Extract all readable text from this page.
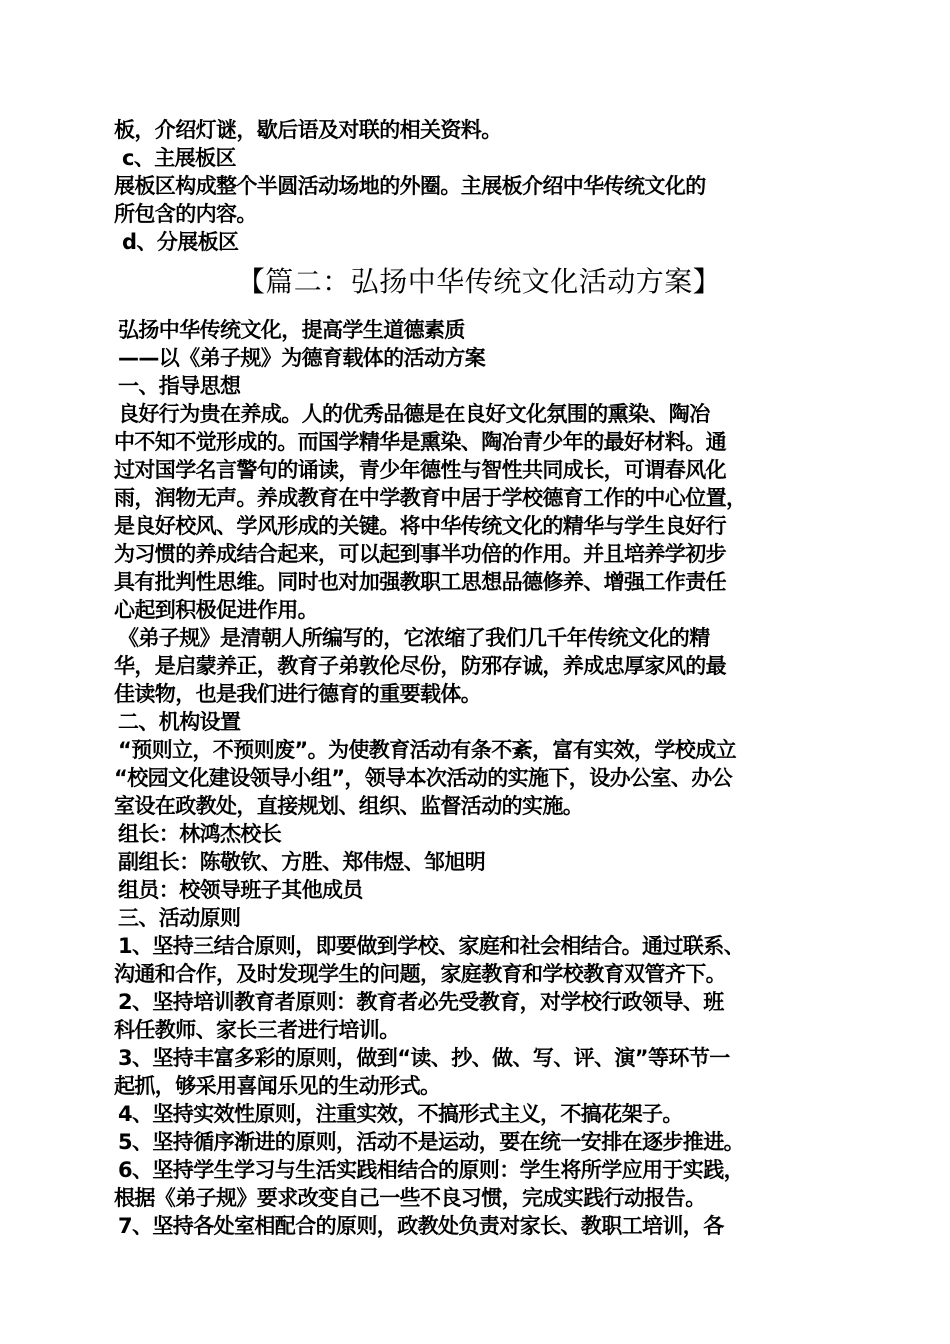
板，介绍灯谜，歇后语及对联的相关资料。
c、主展板区
展板区构成整个半圆活动场地的外圈。主展板介绍中华传统文化的
所包含的内容。
d、分展板区
【篇二：弘扬中华传统文化活动方案】
弘扬中华传统文化，提高学生道德素质
——以《弟子规》为德育载体的活动方案
一、指导思想
良好行为贵在养成。人的优秀品德是在良好文化氛围的熏染、陶冶
中不知不觉形成的。而国学精华是熏染、陶冶青少年的最好材料。通
过对国学名言警句的诵读，青少年德性与智性共同成长，可谓春风化
雨，润物无声。养成教育在中学教育中居于学校德育工作的中心位置，
是良好校风、学风形成的关键。将中华传统文化的精华与学生良好行
为习惯的养成结合起来，可以起到事半功倍的作用。并且培养学初步
具有批判性思维。同时也对加强教职工思想品德修养、增强工作责任
心起到积极促进作用。
《弟子规》是清朝人所编写的，它浓缩了我们几千年传统文化的精
华，是启蒙养正，教育子弟敦伦尽份，防邪存诚，养成忠厚家风的最
佳读物，也是我们进行德育的重要载体。
二、机构设置
“预则立，不预则废”。为使教育活动有条不紊，富有实效，学校成立
“校园文化建设领导小组”，领导本次活动的实施下，设办公室、办公
室设在政教处，直接规划、组织、监督活动的实施。
组长：林鸿杰校长
副组长：陈敬钦、方胜、郑伟煜、邹旭明
组员：校领导班子其他成员
三、活动原则
1、坚持三结合原则，即要做到学校、家庭和社会相结合。通过联系、
沟通和合作，及时发现学生的问题，家庭教育和学校教育双管齐下。
2、坚持培训教育者原则：教育者必先受教育，对学校行政领导、班
科任教师、家长三者进行培训。
3、坚持丰富多彩的原则，做到“读、抄、做、写、评、演”等环节一
起抓，够采用喜闻乐见的生动形式。
4、坚持实效性原则，注重实效，不搞形式主义，不搞花架子。
5、坚持循序渐进的原则，活动不是运动，要在统一安排在逐步推进。
6、坚持学生学习与生活实践相结合的原则：学生将所学应用于实践，
根据《弟子规》要求改变自己一些不良习惯，完成实践行动报告。
7、坚持各处室相配合的原则，政教处负责对家长、教职工培训，各
